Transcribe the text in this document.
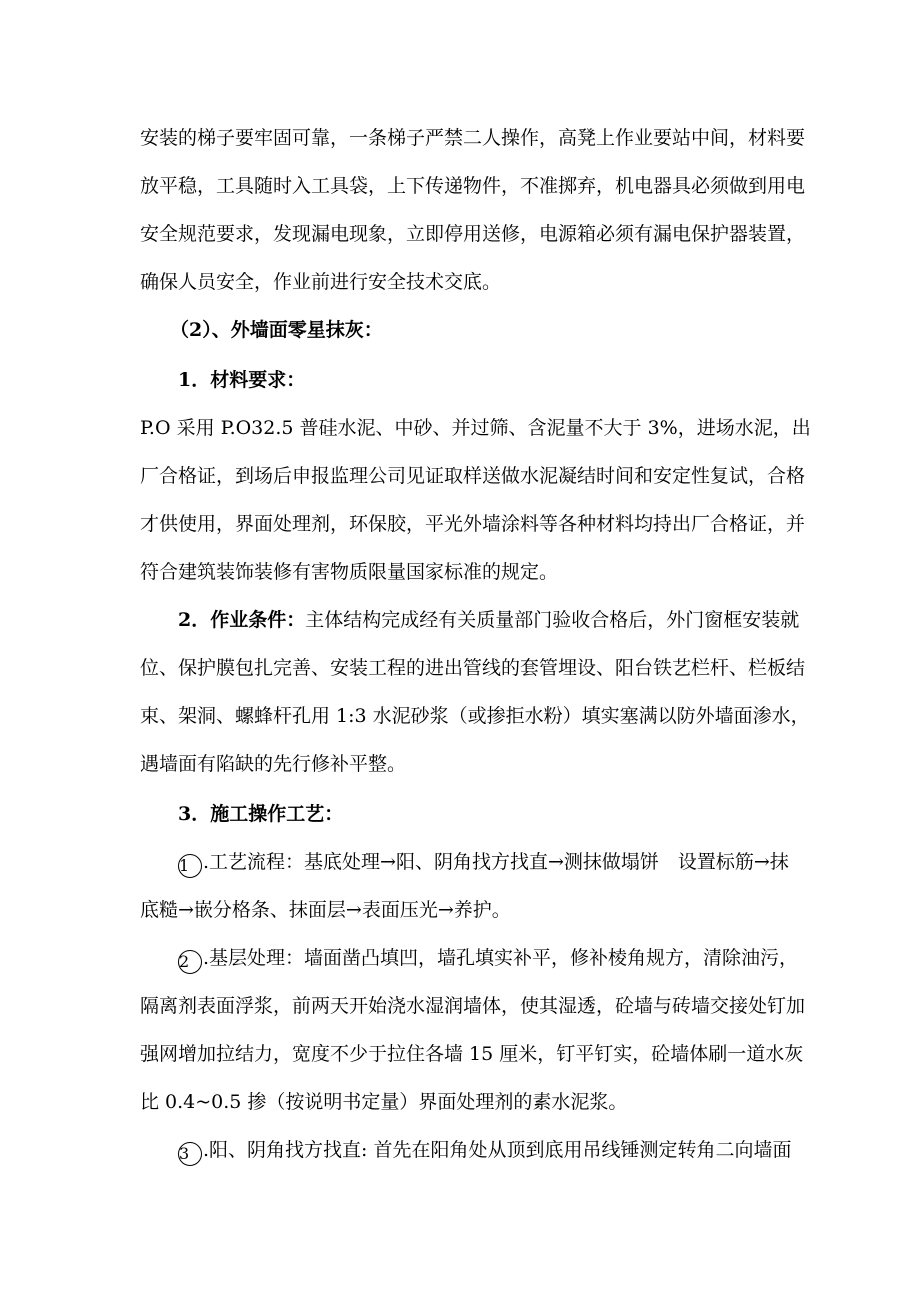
安装的梯子要牢固可靠，一条梯子严禁二人操作，高凳上作业要站中间，材料要
放平稳，工具随时入工具袋，上下传递物件，不准掷弃，机电器具必须做到用电
安全规范要求，发现漏电现象，立即停用送修，电源箱必须有漏电保护器装置，
确保人员安全，作业前进行安全技术交底。
（2）、外墙面零星抹灰：
1．材料要求：
P.O 采用 P.O32.5 普硅水泥、中砂、并过筛、含泥量不大于 3%，进场水泥，出
厂合格证，到场后申报监理公司见证取样送做水泥凝结时间和安定性复试，合格
才供使用，界面处理剂，环保胶，平光外墙涂料等各种材料均持出厂合格证，并
符合建筑装饰装修有害物质限量国家标准的规定。
2．作业条件：主体结构完成经有关质量部门验收合格后，外门窗框安装就
位、保护膜包扎完善、安装工程的进出管线的套管埋设、阳台铁艺栏杆、栏板结
束、架洞、螺蜂杆孔用 1:3 水泥砂浆（或掺拒水粉）填实塞满以防外墙面渗水，
遇墙面有陷缺的先行修补平整。
3．施工操作工艺：
1 .工艺流程：基底处理→阳、阴角找方找直→测抹做塌饼　设置标筋→抹
底糙→嵌分格条、抹面层→表面压光→养护。
2 .基层处理：墙面凿凸填凹，墙孔填实补平，修补棱角规方，清除油污，
隔离剂表面浮浆，前两天开始浇水湿润墙体，使其湿透，砼墙与砖墙交接处钉加
强网增加拉结力，宽度不少于拉住各墙 15 厘米，钉平钉实，砼墙体刷一道水灰
比 0.4~0.5 掺（按说明书定量）界面处理剂的素水泥浆。
3 .阳、阴角找方找直: 首先在阳角处从顶到底用吊线锤测定转角二向墙面
